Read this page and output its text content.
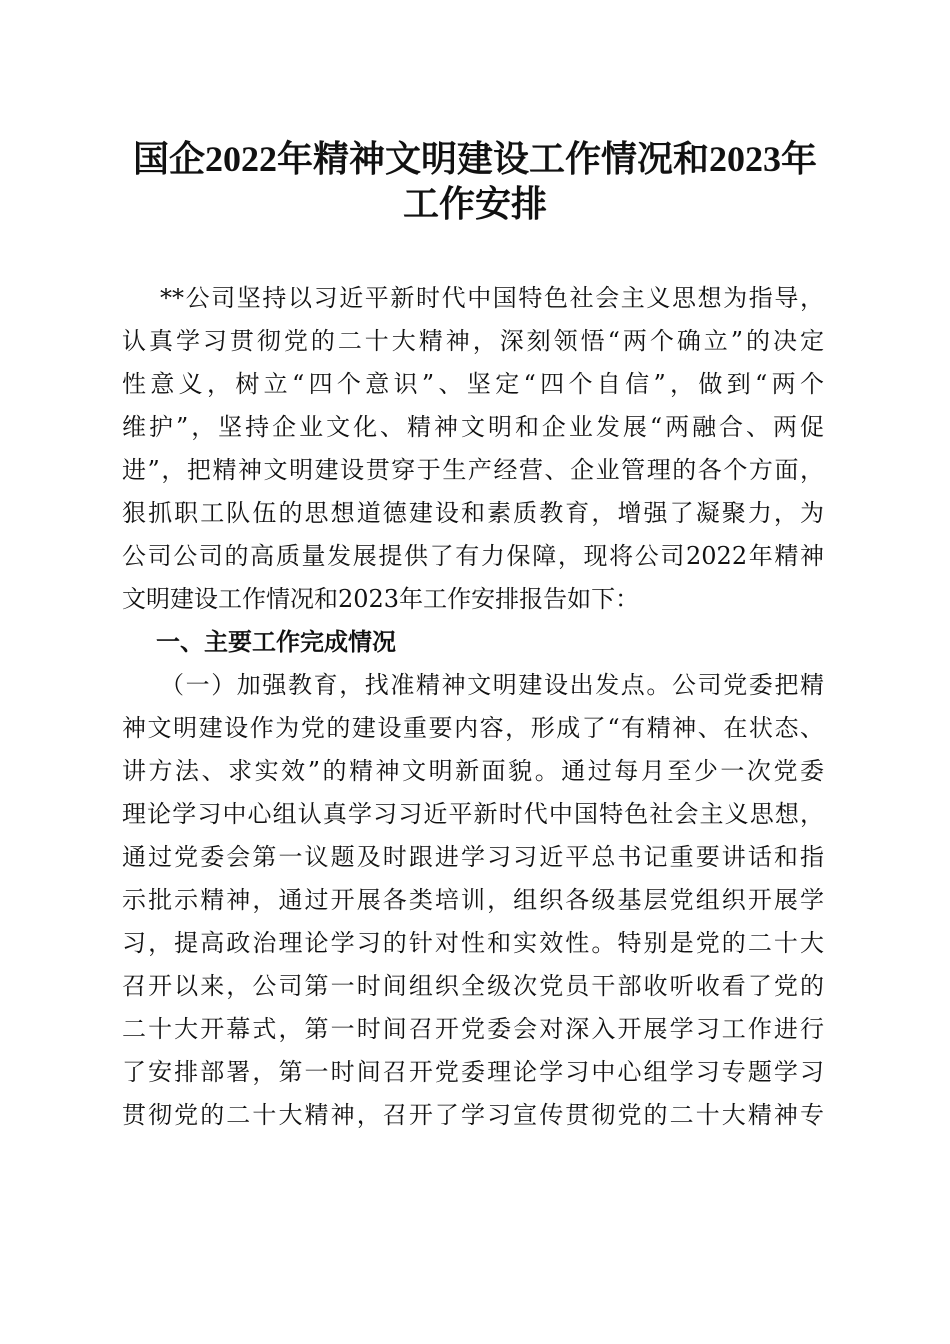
国企2022年精神文明建设工作情况和2023年
工作安排
**公司坚持以习近平新时代中国特色社会主义思想为指导，
认真学习贯彻党的二十大精神，深刻领悟“两个确立”的决定
性意义，树立“四个意识”、坚定“四个自信”，做到“两个
维护”，坚持企业文化、精神文明和企业发展“两融合、两促
进”，把精神文明建设贯穿于生产经营、企业管理的各个方面，
狠抓职工队伍的思想道德建设和素质教育，增强了凝聚力，为
公司公司的高质量发展提供了有力保障，现将公司2022年精神
文明建设工作情况和2023年工作安排报告如下：
一、主要工作完成情况
（一）加强教育，找准精神文明建设出发点。公司党委把精
神文明建设作为党的建设重要内容，形成了“有精神、在状态、
讲方法、求实效”的精神文明新面貌。通过每月至少一次党委
理论学习中心组认真学习习近平新时代中国特色社会主义思想，
通过党委会第一议题及时跟进学习习近平总书记重要讲话和指
示批示精神，通过开展各类培训，组织各级基层党组织开展学
习，提高政治理论学习的针对性和实效性。特别是党的二十大
召开以来，公司第一时间组织全级次党员干部收听收看了党的
二十大开幕式，第一时间召开党委会对深入开展学习工作进行
了安排部署，第一时间召开党委理论学习中心组学习专题学习
贯彻党的二十大精神，召开了学习宣传贯彻党的二十大精神专
